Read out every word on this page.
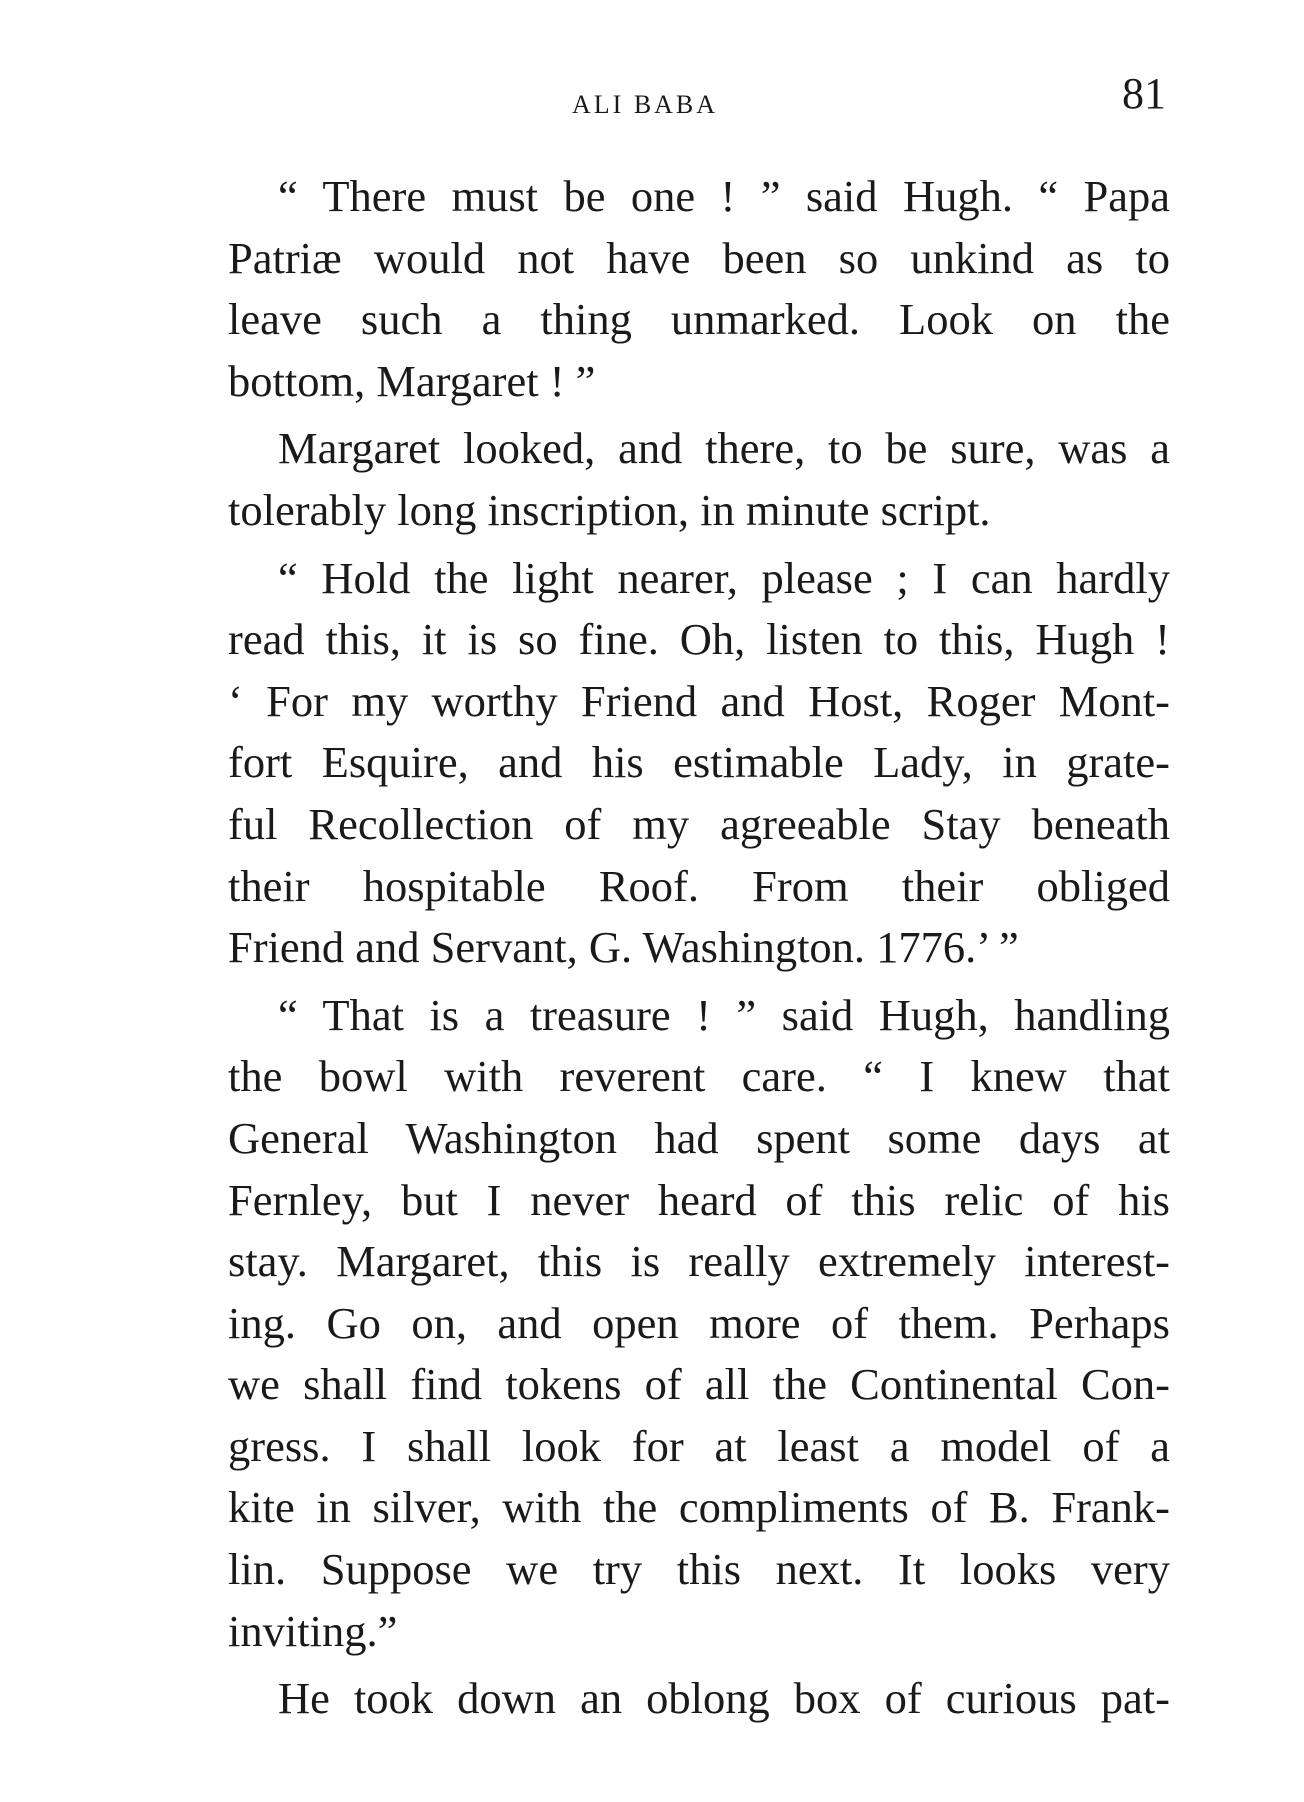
ALI BABA	81
“ There must be one ! ” said Hugh. “ Papa
Patriæ would not have been so unkind as to
leave such a thing unmarked. Look on the
bottom, Margaret ! ”
Margaret looked, and there, to be sure, was a
tolerably long inscription, in minute script.
“ Hold the light nearer, please ; I can hardly
read this, it is so fine. Oh, listen to this, Hugh !
‘ For my worthy Friend and Host, Roger Mont-
fort Esquire, and his estimable Lady, in grate-
ful Recollection of my agreeable Stay beneath
their hospitable Roof. From their obliged
Friend and Servant, G. Washington. 1776.’ ”
“ That is a treasure ! ” said Hugh, handling
the bowl with reverent care. “ I knew that
General Washington had spent some days at
Fernley, but I never heard of this relic of his
stay. Margaret, this is really extremely interest-
ing. Go on, and open more of them. Perhaps
we shall find tokens of all the Continental Con-
gress. I shall look for at least a model of a
kite in silver, with the compliments of B. Frank-
lin. Suppose we try this next. It looks very
inviting.”
He took down an oblong box of curious pat-
